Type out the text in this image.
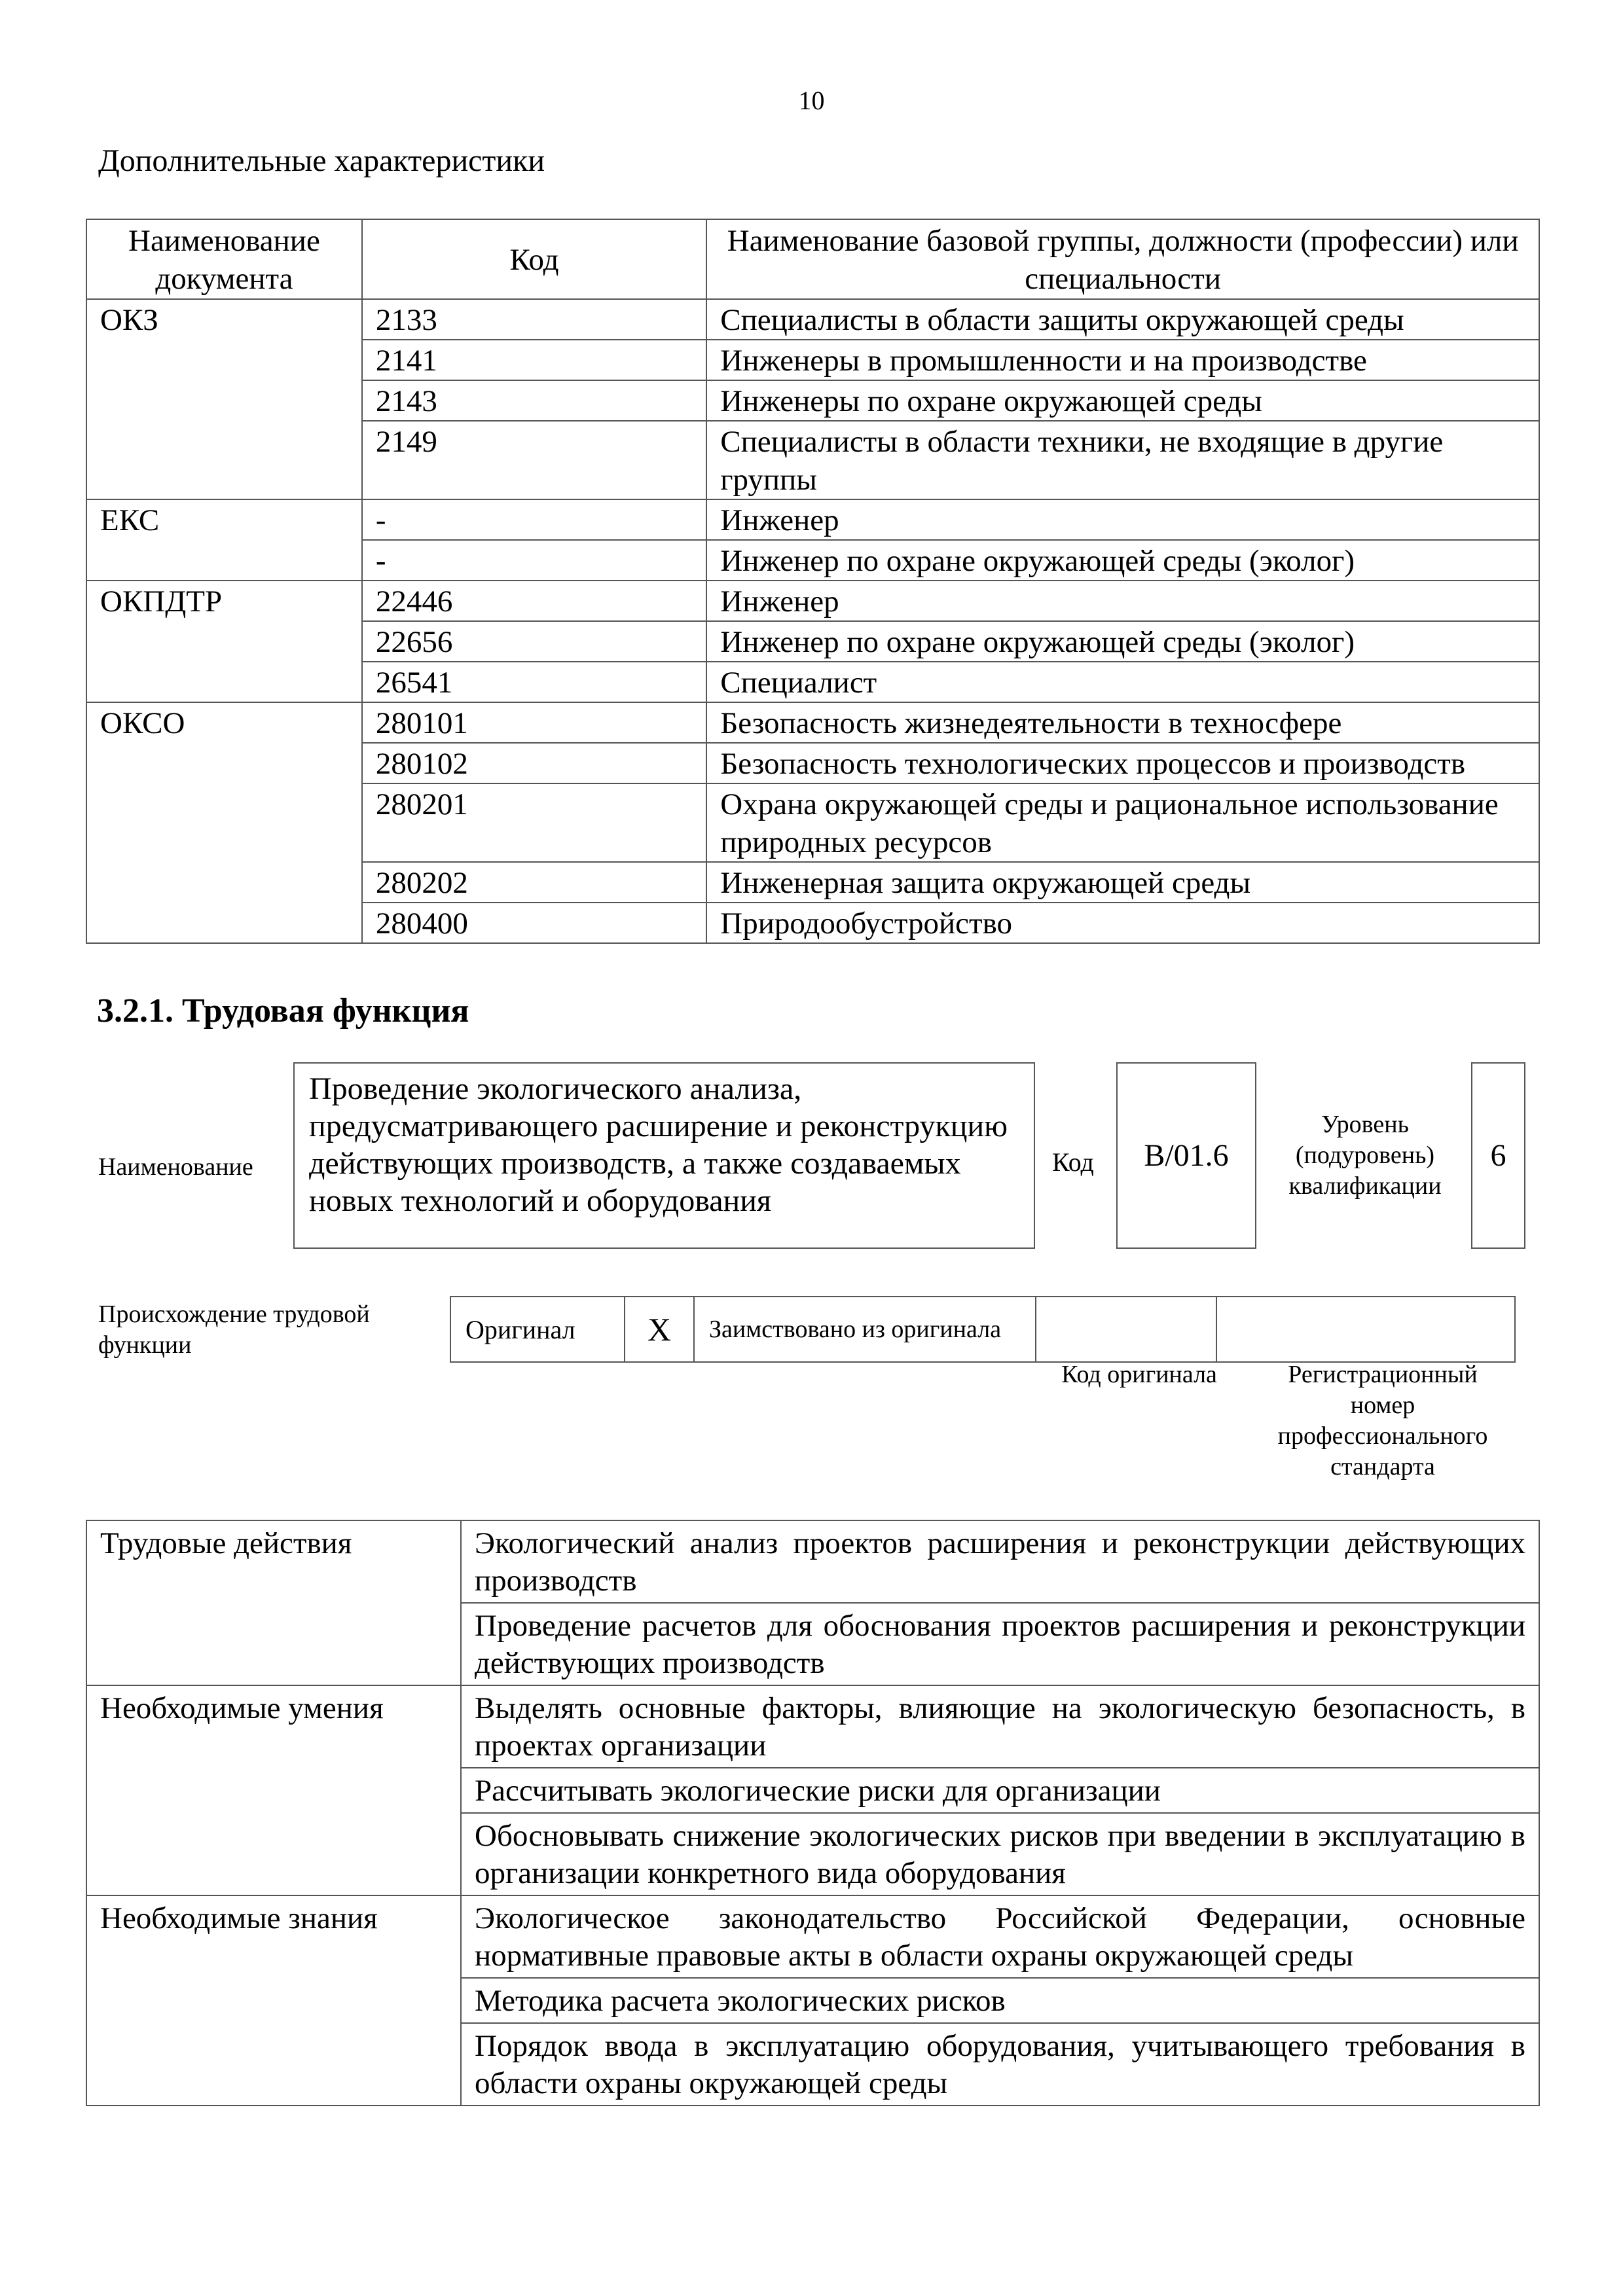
10
Дополнительные характеристики
Наименование документа	Код	Наименование базовой группы, должности (профессии) или специальности
ОКЗ	2133	Специалисты в области защиты окружающей среды
	2141	Инженеры в промышленности и на производстве
	2143	Инженеры по охране окружающей среды
	2149	Специалисты в области техники, не входящие в другие группы
ЕКС	-	Инженер
	-	Инженер по охране окружающей среды (эколог)
ОКПДТР	22446	Инженер
	22656	Инженер по охране окружающей среды (эколог)
	26541	Специалист
ОКСО	280101	Безопасность жизнедеятельности в техносфере
	280102	Безопасность технологических процессов и производств
	280201	Охрана окружающей среды и рациональное использование природных ресурсов
	280202	Инженерная защита окружающей среды
	280400	Природообустройство
3.2.1. Трудовая функция
Наименование
Проведение экологического анализа, предусматривающего расширение и реконструкцию действующих производств, а также создаваемых новых технологий и оборудования
Код B/01.6
Уровень (подуровень) квалификации
6
Происхождение трудовой функции
Оригинал	X	Заимствовано из оригинала		
Код оригинала	Регистрационный номер профессионального стандарта
Трудовые действия	Экологический анализ проектов расширения и реконструкции действующих производств
	Проведение расчетов для обоснования проектов расширения и реконструкции действующих производств
Необходимые умения	Выделять основные факторы, влияющие на экологическую безопасность, в проектах организации
	Рассчитывать экологические риски для организации
	Обосновывать снижение экологических рисков при введении в эксплуатацию в организации конкретного вида оборудования
Необходимые знания	Экологическое законодательство Российской Федерации, основные нормативные правовые акты в области охраны окружающей среды
	Методика расчета экологических рисков
	Порядок ввода в эксплуатацию оборудования, учитывающего требования в области охраны окружающей среды
